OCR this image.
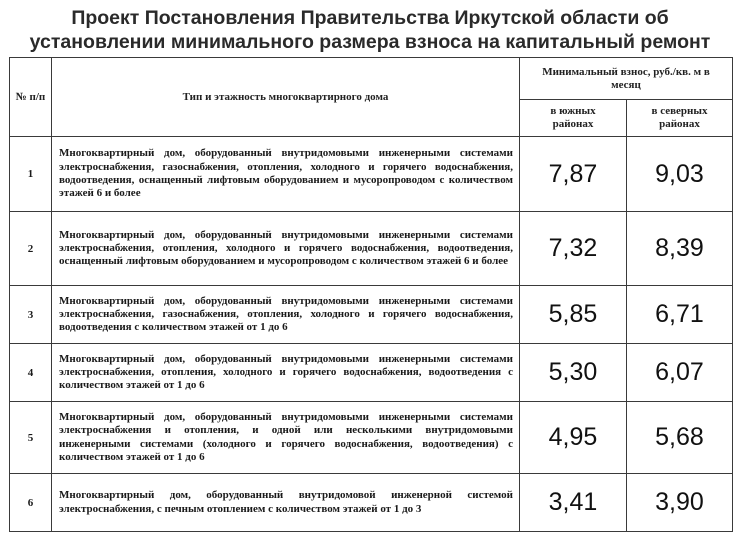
Проект Постановления Правительства Иркутской области об
установлении минимального размера взноса на капитальный ремонт
№ п/п	Тип и этажность многоквартирного дома	Минимальный взнос, руб./кв. м в месяц	
		в южных районах	в северных районах
1	Многоквартирный дом, оборудованный внутридомовыми инженерными системами электроснабжения, газоснабжения, отопления, холодного и горячего водоснабжения, водоотведения, оснащенный лифтовым оборудованием и мусоропроводом с количеством этажей 6 и более	7,87	9,03
2	Многоквартирный дом, оборудованный внутридомовыми инженерными системами электроснабжения, отопления, холодного и горячего водоснабжения, водоотведения, оснащенный лифтовым оборудованием и мусоропроводом с количеством этажей 6 и более	7,32	8,39
3	Многоквартирный дом, оборудованный внутридомовыми инженерными системами электроснабжения, газоснабжения, отопления, холодного и горячего водоснабжения, водоотведения с количеством этажей от 1 до 6	5,85	6,71
4	Многоквартирный дом, оборудованный внутридомовыми инженерными системами электроснабжения, отопления, холодного и горячего водоснабжения, водоотведения с количеством этажей от 1 до 6	5,30	6,07
5	Многоквартирный дом, оборудованный внутридомовыми инженерными системами электроснабжения и отопления, и одной или несколькими внутридомовыми инженерными системами (холодного и горячего водоснабжения, водоотведения) с количеством этажей от 1 до 6	4,95	5,68
6	Многоквартирный дом, оборудованный внутридомовой инженерной системой электроснабжения, с печным отоплением с количеством этажей от 1 до 3	3,41	3,90
